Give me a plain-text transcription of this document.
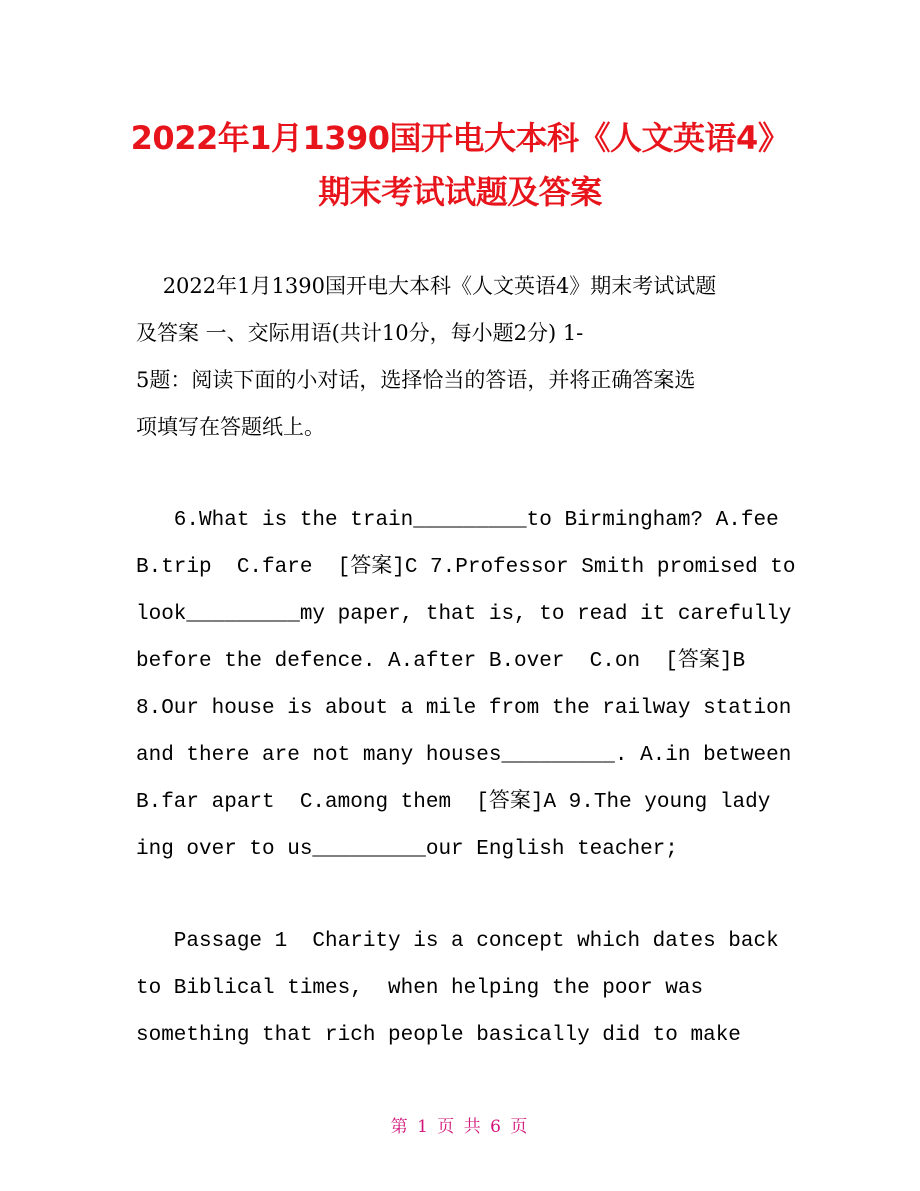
2022年1月1390国开电大本科《人文英语4》
期末考试试题及答案

2022年1月1390国开电大本科《人文英语4》期末考试试题
及答案 一、交际用语(共计10分，每小题2分) 1-
5题：阅读下面的小对话，选择恰当的答语，并将正确答案选
项填写在答题纸上。

6.What is the train_________to Birmingham? A.fee
B.trip  C.fare  [答案]C 7.Professor Smith promised to
look_________my paper, that is, to read it carefully
before the defence. A.after B.over  C.on  [答案]B
8.Our house is about a mile from the railway station
and there are not many houses_________. A.in between
B.far apart  C.among them  [答案]A 9.The young lady
ing over to us_________our English teacher;

Passage 1  Charity is a concept which dates back
to Biblical times,  when helping the poor was
something that rich people basically did to make

第 1 页 共 6 页
